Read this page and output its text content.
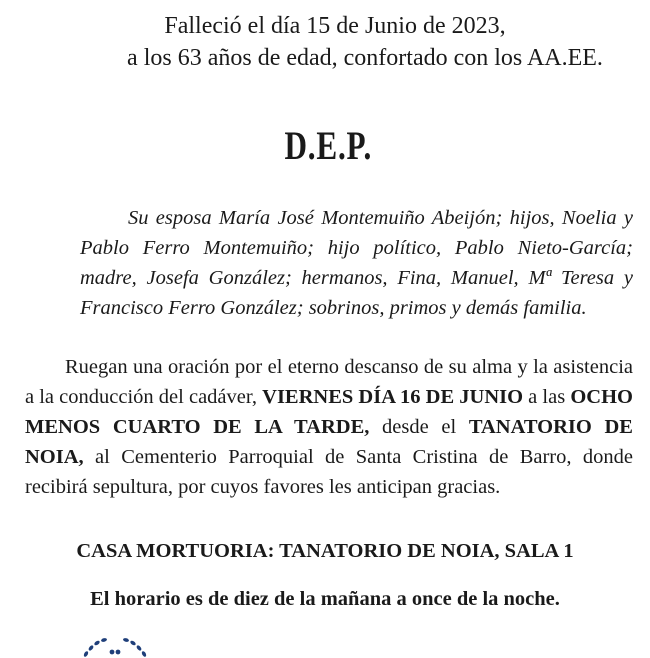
Falleció el día 15 de Junio de 2023,
a los 63 años de edad, confortado con los AA.EE.
D.E.P.

Su esposa María José Montemuiño Abeijón; hijos, Noelia y Pablo Ferro Montemuiño; hijo político, Pablo Nieto-García; madre, Josefa González; hermanos, Fina, Manuel, Mª Teresa y Francisco Ferro González; sobrinos, primos y demás familia.

Ruegan una oración por el eterno descanso de su alma y la asistencia a la conducción del cadáver, VIERNES DÍA 16 DE JUNIO a las OCHO MENOS CUARTO DE LA TARDE, desde el TANATORIO DE NOIA, al Cementerio Parroquial de Santa Cristina de Barro, donde recibirá sepultura, por cuyos favores les anticipan gracias.

CASA MORTUORIA: TANATORIO DE NOIA, SALA 1
El horario es de diez de la mañana a once de la noche.
